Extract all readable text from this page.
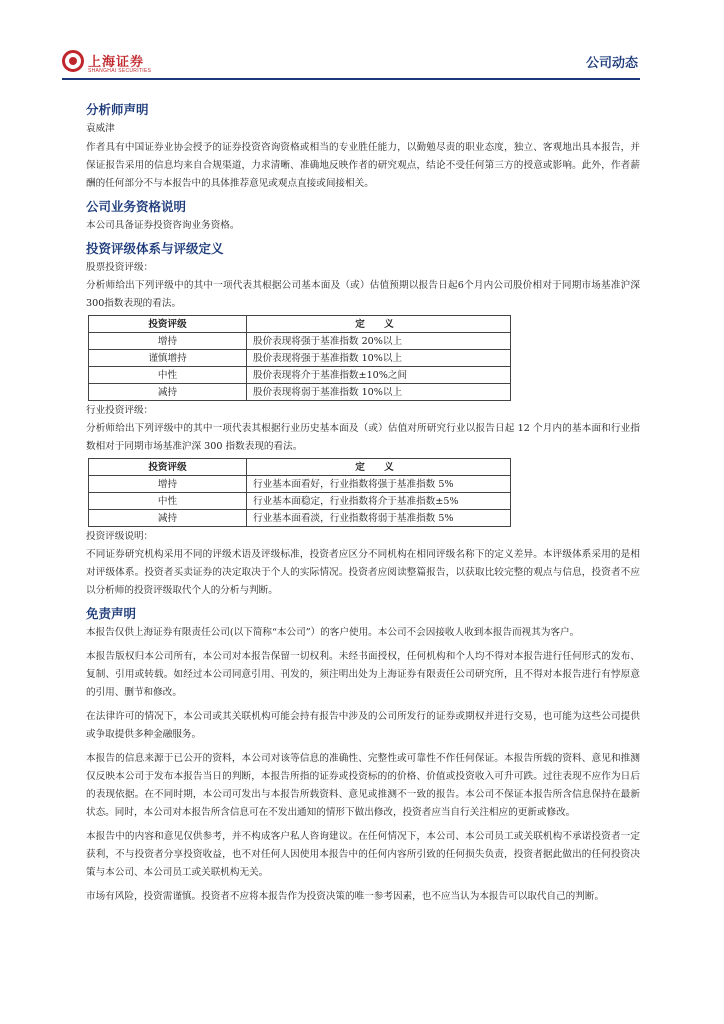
上海证券
SHANGHAI SECURITIES	公司动态
分析师声明

袁威津

作者具有中国证券业协会授予的证券投资咨询资格或相当的专业胜任能力，以勤勉尽责的职业态度，独立、客观地出具本报告，并保证报告采用的信息均来自合规渠道，力求清晰、准确地反映作者的研究观点，结论不受任何第三方的授意或影响。此外，作者薪酬的任何部分不与本报告中的具体推荐意见或观点直接或间接相关。

公司业务资格说明

本公司具备证券投资咨询业务资格。

投资评级体系与评级定义

股票投资评级：

分析师给出下列评级中的其中一项代表其根据公司基本面及（或）估值预期以报告日起6个月内公司股价相对于同期市场基准沪深300指数表现的看法。

投资评级	定 义
增持	股价表现将强于基准指数 20%以上
谨慎增持	股价表现将强于基准指数 10%以上
中性	股价表现将介于基准指数±10%之间
减持	股价表现将弱于基准指数 10%以上

行业投资评级：

分析师给出下列评级中的其中一项代表其根据行业历史基本面及（或）估值对所研究行业以报告日起 12 个月内的基本面和行业指数相对于同期市场基准沪深 300 指数表现的看法。

投资评级	定 义
增持	行业基本面看好，行业指数将强于基准指数 5%
中性	行业基本面稳定，行业指数将介于基准指数±5%
减持	行业基本面看淡，行业指数将弱于基准指数 5%

投资评级说明：

不同证券研究机构采用不同的评级术语及评级标准，投资者应区分不同机构在相同评级名称下的定义差异。本评级体系采用的是相对评级体系。投资者买卖证券的决定取决于个人的实际情况。投资者应阅读整篇报告，以获取比较完整的观点与信息，投资者不应以分析师的投资评级取代个人的分析与判断。

免责声明

本报告仅供上海证券有限责任公司(以下简称“本公司”）的客户使用。本公司不会因接收人收到本报告而视其为客户。

本报告版权归本公司所有，本公司对本报告保留一切权利。未经书面授权，任何机构和个人均不得对本报告进行任何形式的发布、复制、引用或转载。如经过本公司同意引用、刊发的，须注明出处为上海证券有限责任公司研究所，且不得对本报告进行有悖原意的引用、删节和修改。

在法律许可的情况下，本公司或其关联机构可能会持有报告中涉及的公司所发行的证券或期权并进行交易，也可能为这些公司提供或争取提供多种金融服务。

本报告的信息来源于已公开的资料，本公司对该等信息的准确性、完整性或可靠性不作任何保证。本报告所载的资料、意见和推测仅反映本公司于发布本报告当日的判断，本报告所指的证券或投资标的的价格、价值或投资收入可升可跌。过往表现不应作为日后的表现依据。在不同时期，本公司可发出与本报告所载资料、意见或推测不一致的报告。本公司不保证本报告所含信息保持在最新状态。同时，本公司对本报告所含信息可在不发出通知的情形下做出修改，投资者应当自行关注相应的更新或修改。

本报告中的内容和意见仅供参考，并不构成客户私人咨询建议。在任何情况下，本公司、本公司员工或关联机构不承诺投资者一定获利，不与投资者分享投资收益，也不对任何人因使用本报告中的任何内容所引致的任何损失负责，投资者据此做出的任何投资决策与本公司、本公司员工或关联机构无关。

市场有风险，投资需谨慎。投资者不应将本报告作为投资决策的唯一参考因素，也不应当认为本报告可以取代自己的判断。
